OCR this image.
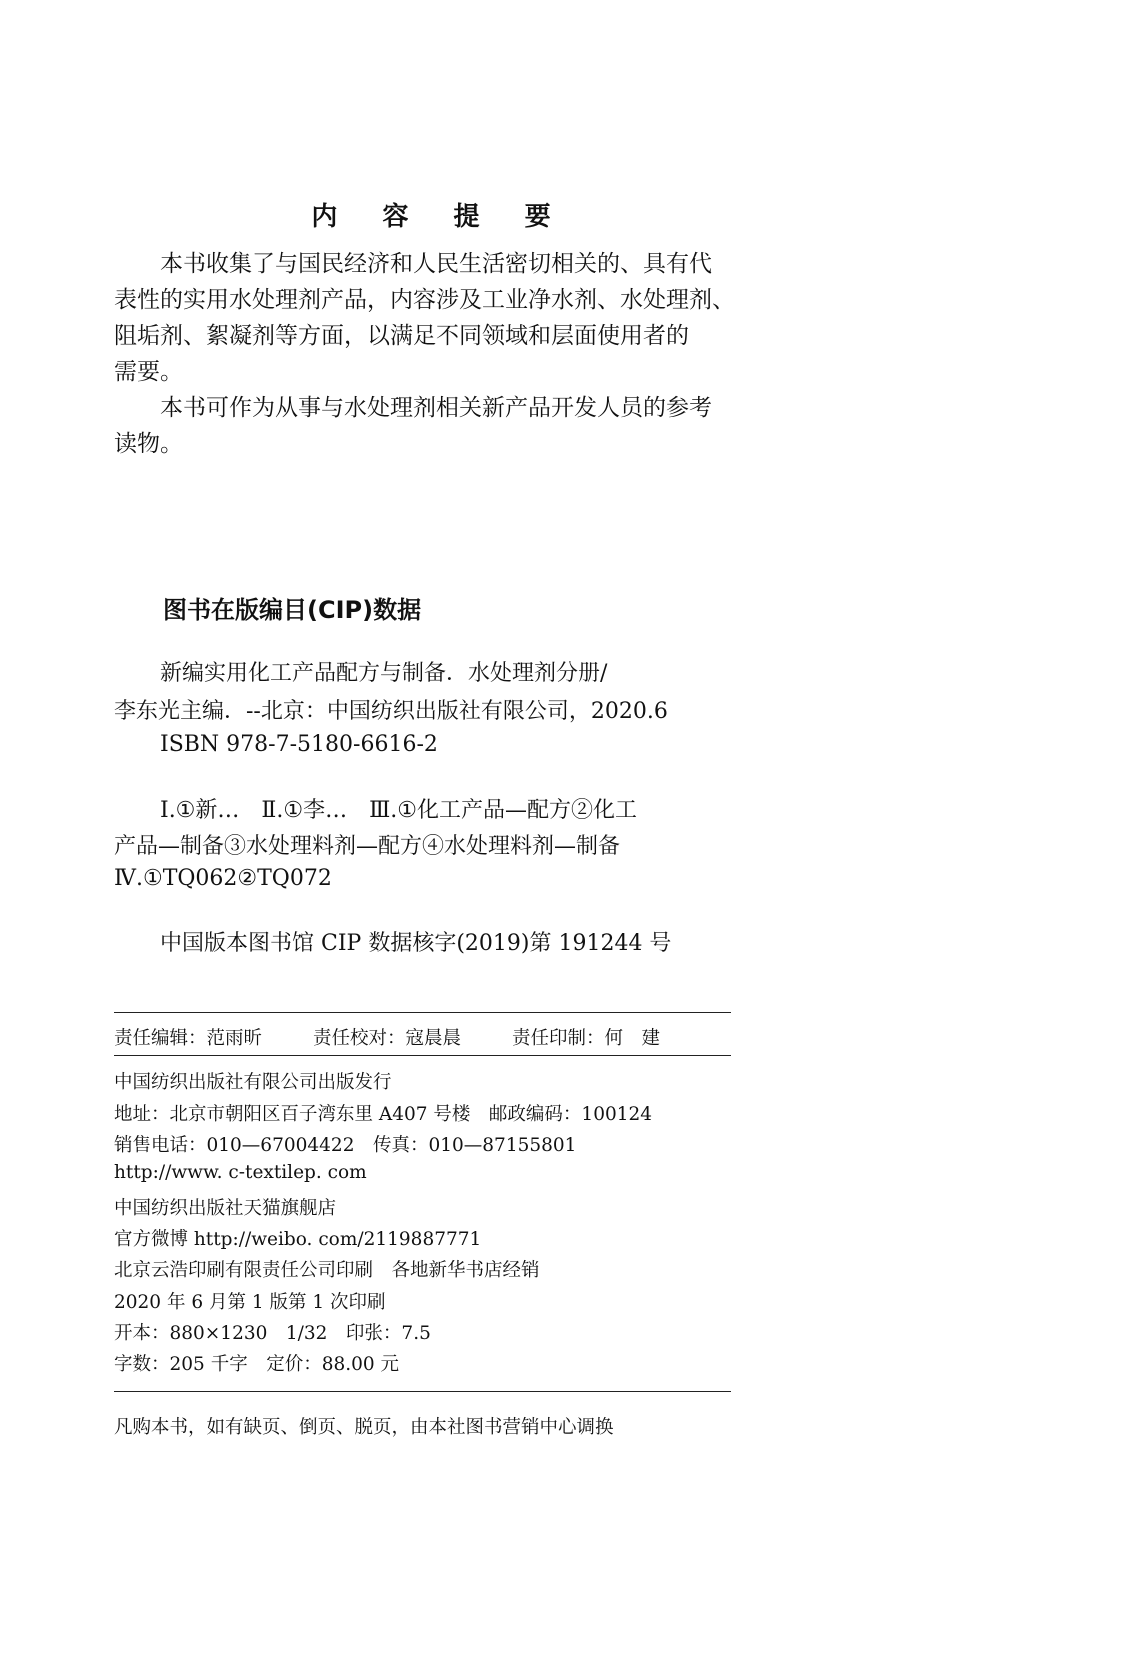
内 容 提 要

本书收集了与国民经济和人民生活密切相关的、具有代

表性的实用水处理剂产品，内容涉及工业净水剂、水处理剂、

阻垢剂、絮凝剂等方面，以满足不同领域和层面使用者的

需要。

本书可作为从事与水处理剂相关新产品开发人员的参考

读物。

图书在版编目(CIP)数据

新编实用化工产品配方与制备．水处理剂分册/

李东光主编．--北京：中国纺织出版社有限公司，2020.6

ISBN 978-7-5180-6616-2

Ⅰ.①新…　Ⅱ.①李…　Ⅲ.①化工产品—配方②化工

产品—制备③水处理料剂—配方④水处理料剂—制备

Ⅳ.①TQ062②TQ072

中国版本图书馆 CIP 数据核字(2019)第 191244 号

责任编辑：范雨昕	责任校对：寇晨晨	责任印制：何　建

中国纺织出版社有限公司出版发行

地址：北京市朝阳区百子湾东里 A407 号楼　邮政编码：100124

销售电话：010—67004422　传真：010—87155801

http://www. c-textilep. com

中国纺织出版社天猫旗舰店

官方微博 http://weibo. com/2119887771

北京云浩印刷有限责任公司印刷　各地新华书店经销

2020 年 6 月第 1 版第 1 次印刷

开本：880×1230　1/32　印张：7.5

字数：205 千字　定价：88.00 元

凡购本书，如有缺页、倒页、脱页，由本社图书营销中心调换
